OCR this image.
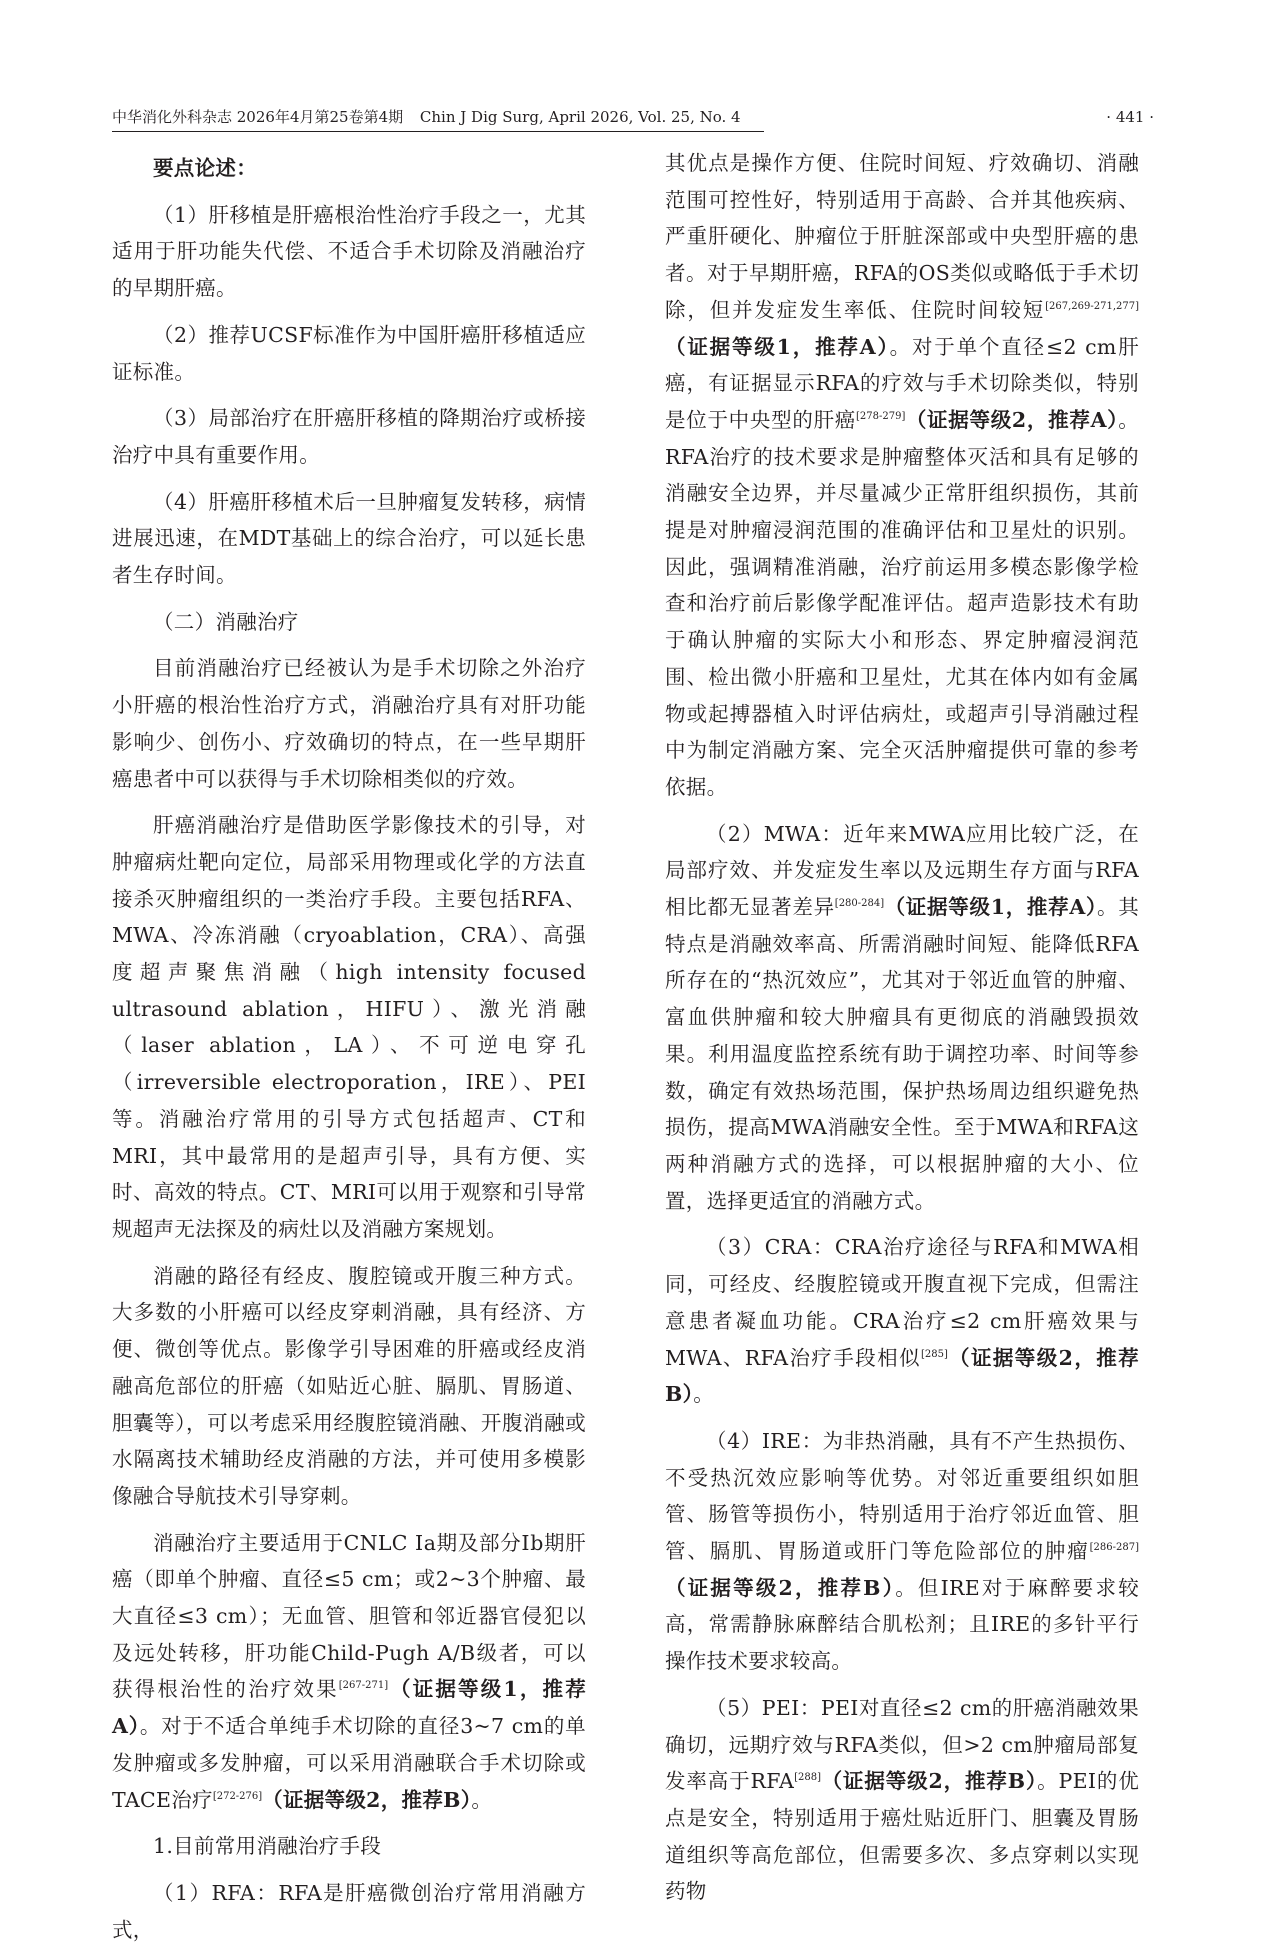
中华消化外科杂志 2026年4月第25卷第4期 Chin J Dig Surg, April 2026, Vol. 25, No. 4	· 441 ·

要点论述：

（1）肝移植是肝癌根治性治疗手段之一，尤其适用于肝功能失代偿、不适合手术切除及消融治疗的早期肝癌。

（2）推荐UCSF标准作为中国肝癌肝移植适应证标准。

（3）局部治疗在肝癌肝移植的降期治疗或桥接治疗中具有重要作用。

（4）肝癌肝移植术后一旦肿瘤复发转移，病情进展迅速，在MDT基础上的综合治疗，可以延长患者生存时间。

（二）消融治疗

目前消融治疗已经被认为是手术切除之外治疗小肝癌的根治性治疗方式，消融治疗具有对肝功能影响少、创伤小、疗效确切的特点，在一些早期肝癌患者中可以获得与手术切除相类似的疗效。

肝癌消融治疗是借助医学影像技术的引导，对肿瘤病灶靶向定位，局部采用物理或化学的方法直接杀灭肿瘤组织的一类治疗手段。主要包括RFA、MWA、冷冻消融（cryoablation，CRA）、高强度超声聚焦消融（high intensity focused ultrasound ablation，HIFU）、激光消融（laser ablation，LA）、不可逆电穿孔（irreversible electroporation，IRE）、PEI等。消融治疗常用的引导方式包括超声、CT和MRI，其中最常用的是超声引导，具有方便、实时、高效的特点。CT、MRI可以用于观察和引导常规超声无法探及的病灶以及消融方案规划。

消融的路径有经皮、腹腔镜或开腹三种方式。大多数的小肝癌可以经皮穿刺消融，具有经济、方便、微创等优点。影像学引导困难的肝癌或经皮消融高危部位的肝癌（如贴近心脏、膈肌、胃肠道、胆囊等），可以考虑采用经腹腔镜消融、开腹消融或水隔离技术辅助经皮消融的方法，并可使用多模影像融合导航技术引导穿刺。

消融治疗主要适用于CNLC Ⅰa期及部分Ⅰb期肝癌（即单个肿瘤、直径≤5 cm；或2~3个肿瘤、最大直径≤3 cm）；无血管、胆管和邻近器官侵犯以及远处转移，肝功能Child-Pugh A/B级者，可以获得根治性的治疗效果[267-271]（证据等级1，推荐A）。对于不适合单纯手术切除的直径3~7 cm的单发肿瘤或多发肿瘤，可以采用消融联合手术切除或TACE治疗[272-276]（证据等级2，推荐B）。

1.目前常用消融治疗手段

（1）RFA：RFA是肝癌微创治疗常用消融方式，

其优点是操作方便、住院时间短、疗效确切、消融范围可控性好，特别适用于高龄、合并其他疾病、严重肝硬化、肿瘤位于肝脏深部或中央型肝癌的患者。对于早期肝癌，RFA的OS类似或略低于手术切除，但并发症发生率低、住院时间较短[267,269-271,277]（证据等级1，推荐A）。对于单个直径≤2 cm肝癌，有证据显示RFA的疗效与手术切除类似，特别是位于中央型的肝癌[278-279]（证据等级2，推荐A）。RFA治疗的技术要求是肿瘤整体灭活和具有足够的消融安全边界，并尽量减少正常肝组织损伤，其前提是对肿瘤浸润范围的准确评估和卫星灶的识别。因此，强调精准消融，治疗前运用多模态影像学检查和治疗前后影像学配准评估。超声造影技术有助于确认肿瘤的实际大小和形态、界定肿瘤浸润范围、检出微小肝癌和卫星灶，尤其在体内如有金属物或起搏器植入时评估病灶，或超声引导消融过程中为制定消融方案、完全灭活肿瘤提供可靠的参考依据。

（2）MWA：近年来MWA应用比较广泛，在局部疗效、并发症发生率以及远期生存方面与RFA相比都无显著差异[280-284]（证据等级1，推荐A）。其特点是消融效率高、所需消融时间短、能降低RFA所存在的“热沉效应”，尤其对于邻近血管的肿瘤、富血供肿瘤和较大肿瘤具有更彻底的消融毁损效果。利用温度监控系统有助于调控功率、时间等参数，确定有效热场范围，保护热场周边组织避免热损伤，提高MWA消融安全性。至于MWA和RFA这两种消融方式的选择，可以根据肿瘤的大小、位置，选择更适宜的消融方式。

（3）CRA：CRA治疗途径与RFA和MWA相同，可经皮、经腹腔镜或开腹直视下完成，但需注意患者凝血功能。CRA治疗≤2 cm肝癌效果与MWA、RFA治疗手段相似[285]（证据等级2，推荐B）。

（4）IRE：为非热消融，具有不产生热损伤、不受热沉效应影响等优势。对邻近重要组织如胆管、肠管等损伤小，特别适用于治疗邻近血管、胆管、膈肌、胃肠道或肝门等危险部位的肿瘤[286-287]（证据等级2，推荐B）。但IRE对于麻醉要求较高，常需静脉麻醉结合肌松剂；且IRE的多针平行操作技术要求较高。

（5）PEI：PEI对直径≤2 cm的肝癌消融效果确切，远期疗效与RFA类似，但>2 cm肿瘤局部复发率高于RFA[288]（证据等级2，推荐B）。PEI的优点是安全，特别适用于癌灶贴近肝门、胆囊及胃肠道组织等高危部位，但需要多次、多点穿刺以实现药物
